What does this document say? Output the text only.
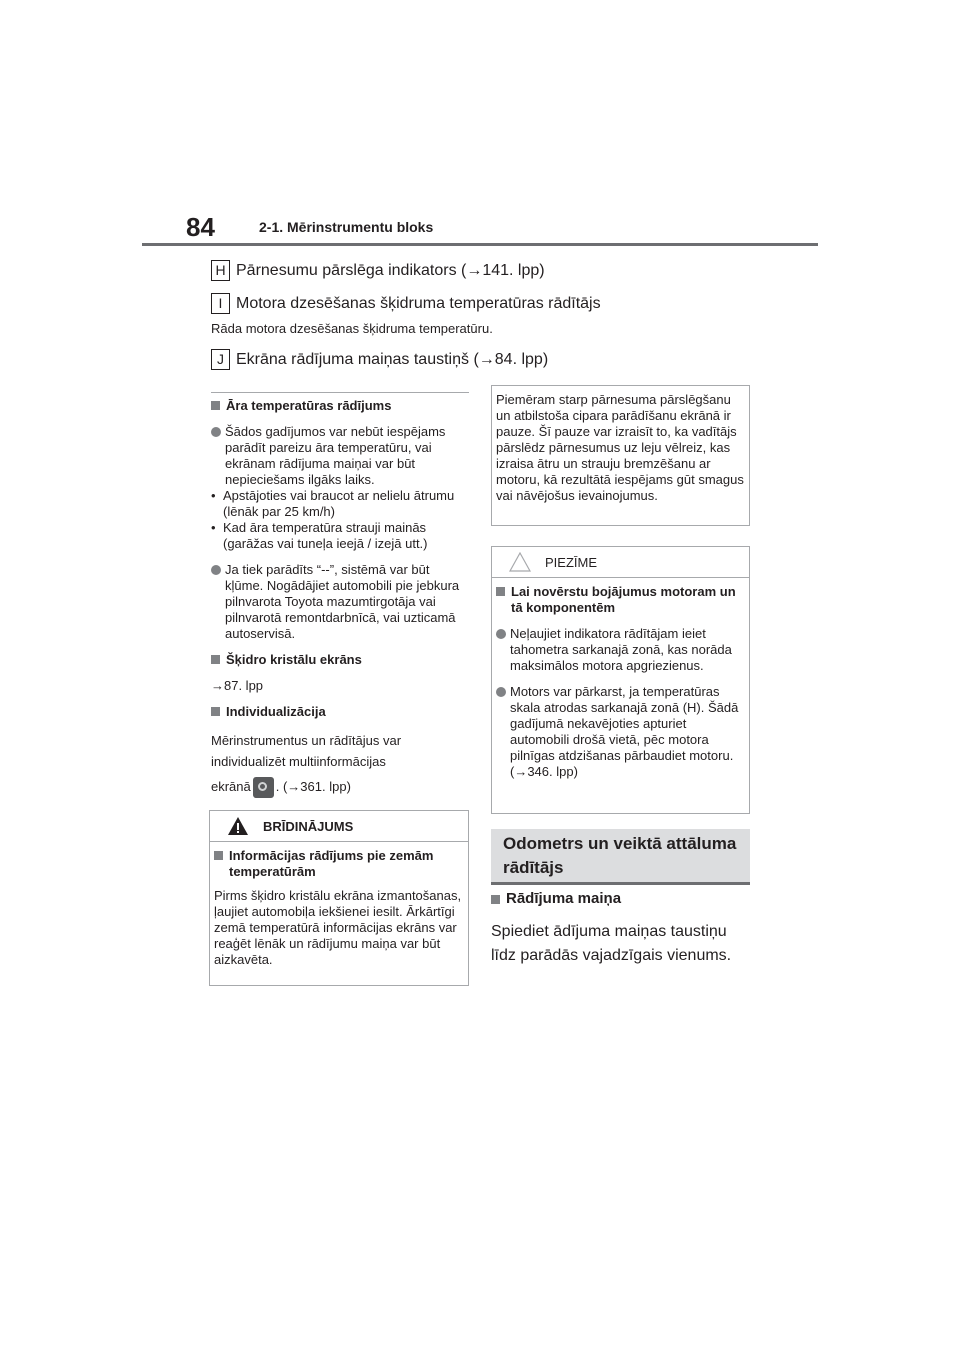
84	2-1. Mērinstrumentu bloks
H Pārnesumu pārslēga indikators (→141. lpp)
I Motora dzesēšanas šķidruma temperatūras rādītājs
Rāda motora dzesēšanas šķidruma temperatūru.
J Ekrāna rādījuma maiņas taustiņš (→84. lpp)
Āra temperatūras rādījums
Šādos gadījumos var nebūt iespējams parādīt pareizu āra temperatūru, vai ekrānam rādījuma maiņai var būt nepieciešams ilgāks laiks.
• Apstājoties vai braucot ar nelielu ātrumu (lēnāk par 25 km/h)
• Kad āra temperatūra strauji mainās (garāžas vai tuneļa ieejā / izejā utt.)
Ja tiek parādīts “--”, sistēmā var būt kļūme. Nogādājiet automobili pie jebkura pilnvarota Toyota mazumtirgotāja vai pilnvarotā remontdarbnīcā, vai uzticamā autoservisā.
Šķidro kristālu ekrāns
→87. lpp
Individualizācija
Mērinstrumentus un rādītājus var
individualizēt multiinformācijas
ekrānā . (→361. lpp)
BRĪDINĀJUMS
Informācijas rādījums pie zemām temperatūrām
Pirms šķidro kristālu ekrāna izmantošanas, ļaujiet automobiļa iekšienei iesilt. Ārkārtīgi zemā temperatūrā informācijas ekrāns var reaģēt lēnāk un rādījumu maiņa var būt aizkavēta.
Piemēram starp pārnesuma pārslēgšanu un atbilstoša cipara parādīšanu ekrānā ir pauze. Šī pauze var izraisīt to, ka vadītājs pārslēdz pārnesumus uz leju vēlreiz, kas izraisa ātru un strauju bremzēšanu ar motoru, kā rezultātā iespējams gūt smagus vai nāvējošus ievainojumus.
PIEZĪME
Lai novērstu bojājumus motoram un tā komponentēm
Neļaujiet indikatora rādītājam ieiet tahometra sarkanajā zonā, kas norāda maksimālos motora apgriezienus.
Motors var pārkarst, ja temperatūras skala atrodas sarkanajā zonā (H). Šādā gadījumā nekavējoties apturiet automobili drošā vietā, pēc motora pilnīgas atdzišanas pārbaudiet motoru. (→346. lpp)
Odometrs un veiktā attāluma rādītājs
Rādījuma maiņa
Spiediet ādījuma maiņas taustiņu līdz parādās vajadzīgais vienums.
